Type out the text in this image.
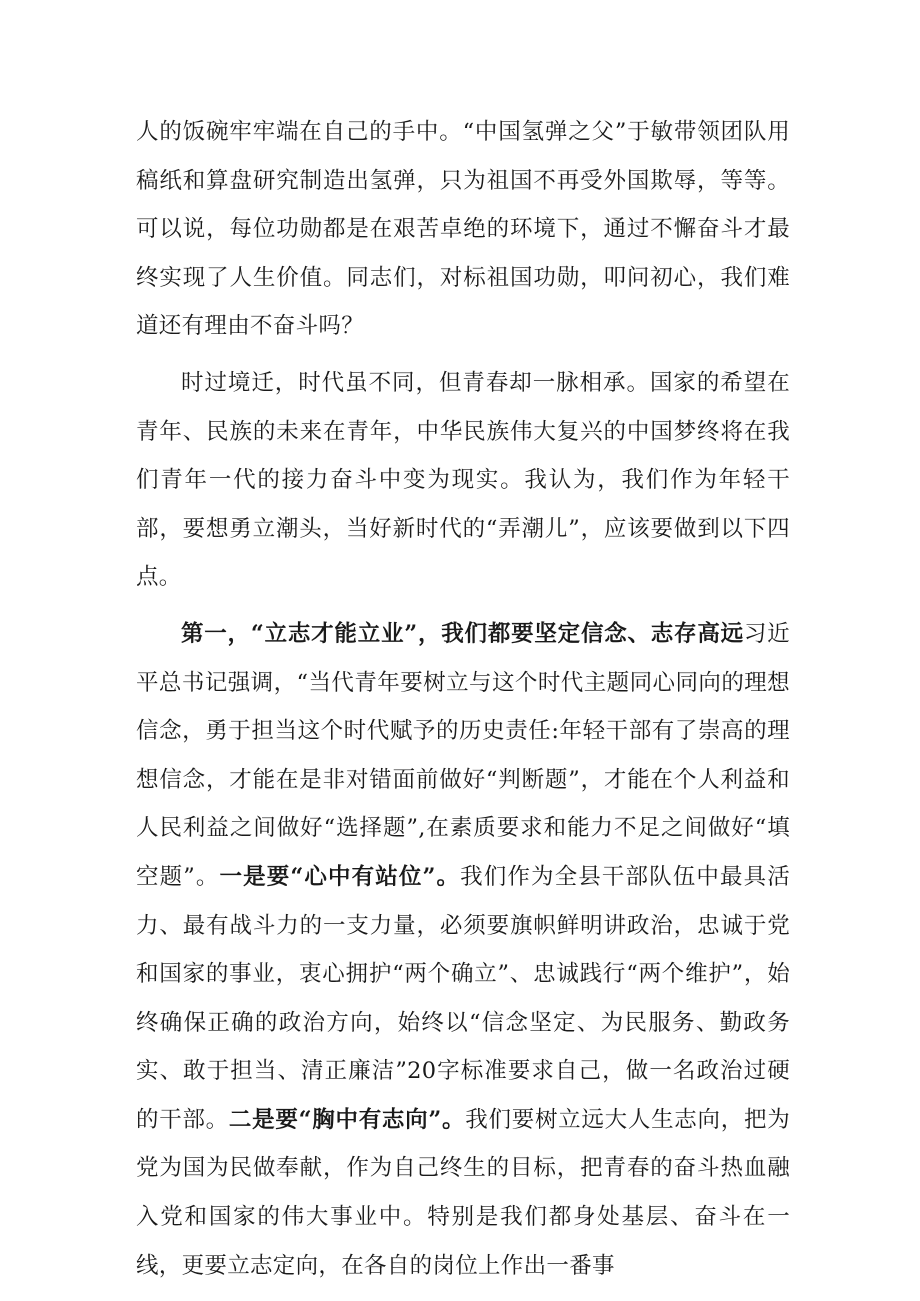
人的饭碗牢牢端在自己的手中。“中国氢弹之父”于敏带领团队用稿纸和算盘研究制造出氢弹，只为祖国不再受外国欺辱，等等。可以说，每位功勋都是在艰苦卓绝的环境下，通过不懈奋斗才最终实现了人生价值。同志们，对标祖国功勋，叩问初心，我们难道还有理由不奋斗吗？

时过境迁，时代虽不同，但青春却一脉相承。国家的希望在青年、民族的未来在青年，中华民族伟大复兴的中国梦终将在我们青年一代的接力奋斗中变为现实。我认为，我们作为年轻干部，要想勇立潮头，当好新时代的“弄潮儿”，应该要做到以下四点。

第一，“立志才能立业”，我们都要坚定信念、志存高远习近平总书记强调，“当代青年要树立与这个时代主题同心同向的理想信念，勇于担当这个时代赋予的历史责任:年轻干部有了崇高的理想信念，才能在是非对错面前做好“判断题”，才能在个人利益和人民利益之间做好“选择题”,在素质要求和能力不足之间做好“填空题”。一是要“心中有站位”。我们作为全县干部队伍中最具活力、最有战斗力的一支力量，必须要旗帜鲜明讲政治，忠诚于党和国家的事业，衷心拥护“两个确立”、忠诚践行“两个维护”，始终确保正确的政治方向，始终以“信念坚定、为民服务、勤政务实、敢于担当、清正廉洁”20字标准要求自己，做一名政治过硬的干部。二是要“胸中有志向”。我们要树立远大人生志向，把为党为国为民做奉献，作为自己终生的目标，把青春的奋斗热血融入党和国家的伟大事业中。特别是我们都身处基层、奋斗在一线，更要立志定向，在各自的岗位上作出一番事
